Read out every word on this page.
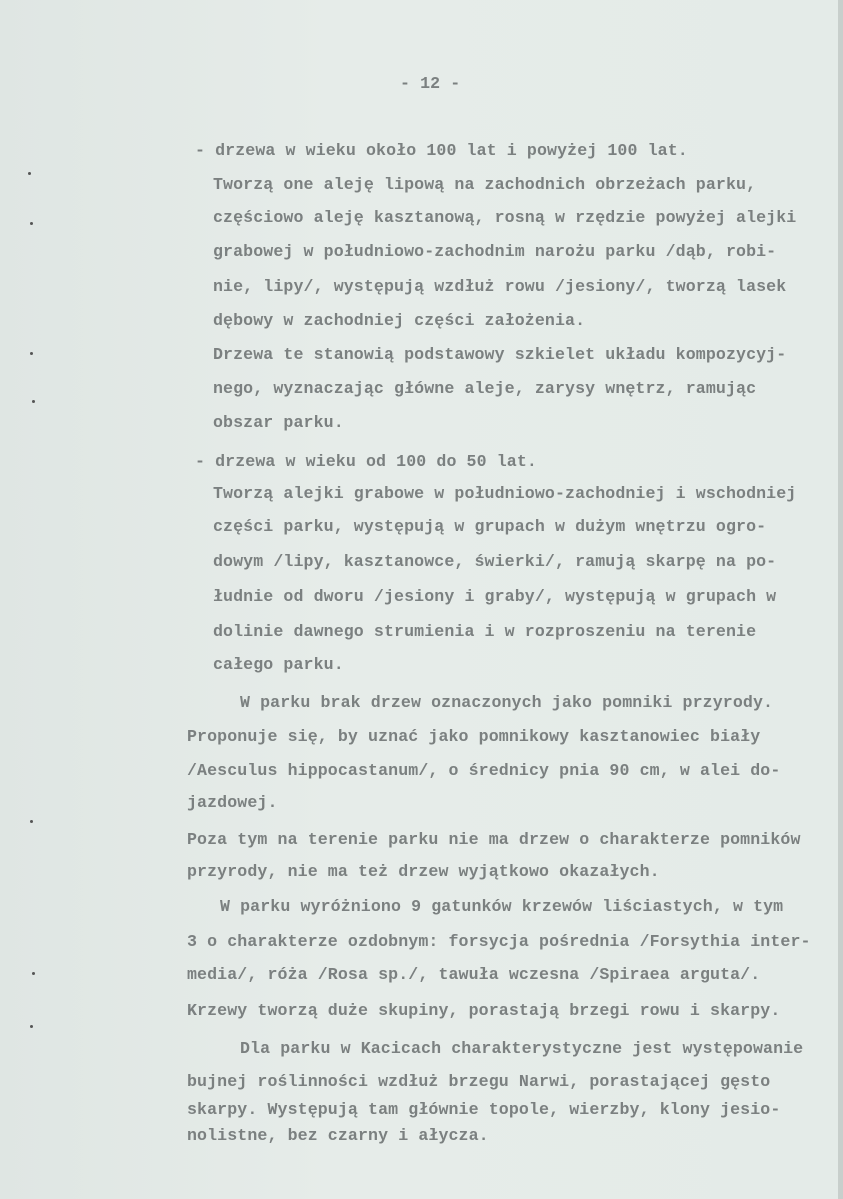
- 12 -
- drzewa w wieku około 100 lat i powyżej 100 lat.
Tworzą one aleję lipową na zachodnich obrzeżach parku,
częściowo aleję kasztanową, rosną w rzędzie powyżej alejki
grabowej w południowo-zachodnim narożu parku /dąb, robi-
nie, lipy/, występują wzdłuż rowu /jesiony/, tworzą lasek
dębowy w zachodniej części założenia.
Drzewa te stanowią podstawowy szkielet układu kompozycyj-
nego, wyznaczając główne aleje, zarysy wnętrz, ramując
obszar parku.
- drzewa w wieku od 100 do 50 lat.
Tworzą alejki grabowe w południowo-zachodniej i wschodniej
części parku, występują w grupach w dużym wnętrzu ogro-
dowym /lipy, kasztanowce, świerki/, ramują skarpę na po-
łudnie od dworu /jesiony i graby/, występują w grupach w
dolinie dawnego strumienia i w rozproszeniu na terenie
całego parku.
W parku brak drzew oznaczonych jako pomniki przyrody.
Proponuje się, by uznać jako pomnikowy kasztanowiec biały
/Aesculus hippocastanum/, o średnicy pnia 90 cm, w alei do-
jazdowej.
Poza tym na terenie parku nie ma drzew o charakterze pomników
przyrody, nie ma też drzew wyjątkowo okazałych.
W parku wyróżniono 9 gatunków krzewów liściastych, w tym
3 o charakterze ozdobnym: forsycja pośrednia /Forsythia inter-
media/, róża /Rosa sp./, tawuła wczesna /Spiraea arguta/.
Krzewy tworzą duże skupiny, porastają brzegi rowu i skarpy.
Dla parku w Kacicach charakterystyczne jest występowanie
bujnej roślinności wzdłuż brzegu Narwi, porastającej gęsto
skarpy. Występują tam głównie topole, wierzby, klony jesio-
nolistne, bez czarny i ałycza.
